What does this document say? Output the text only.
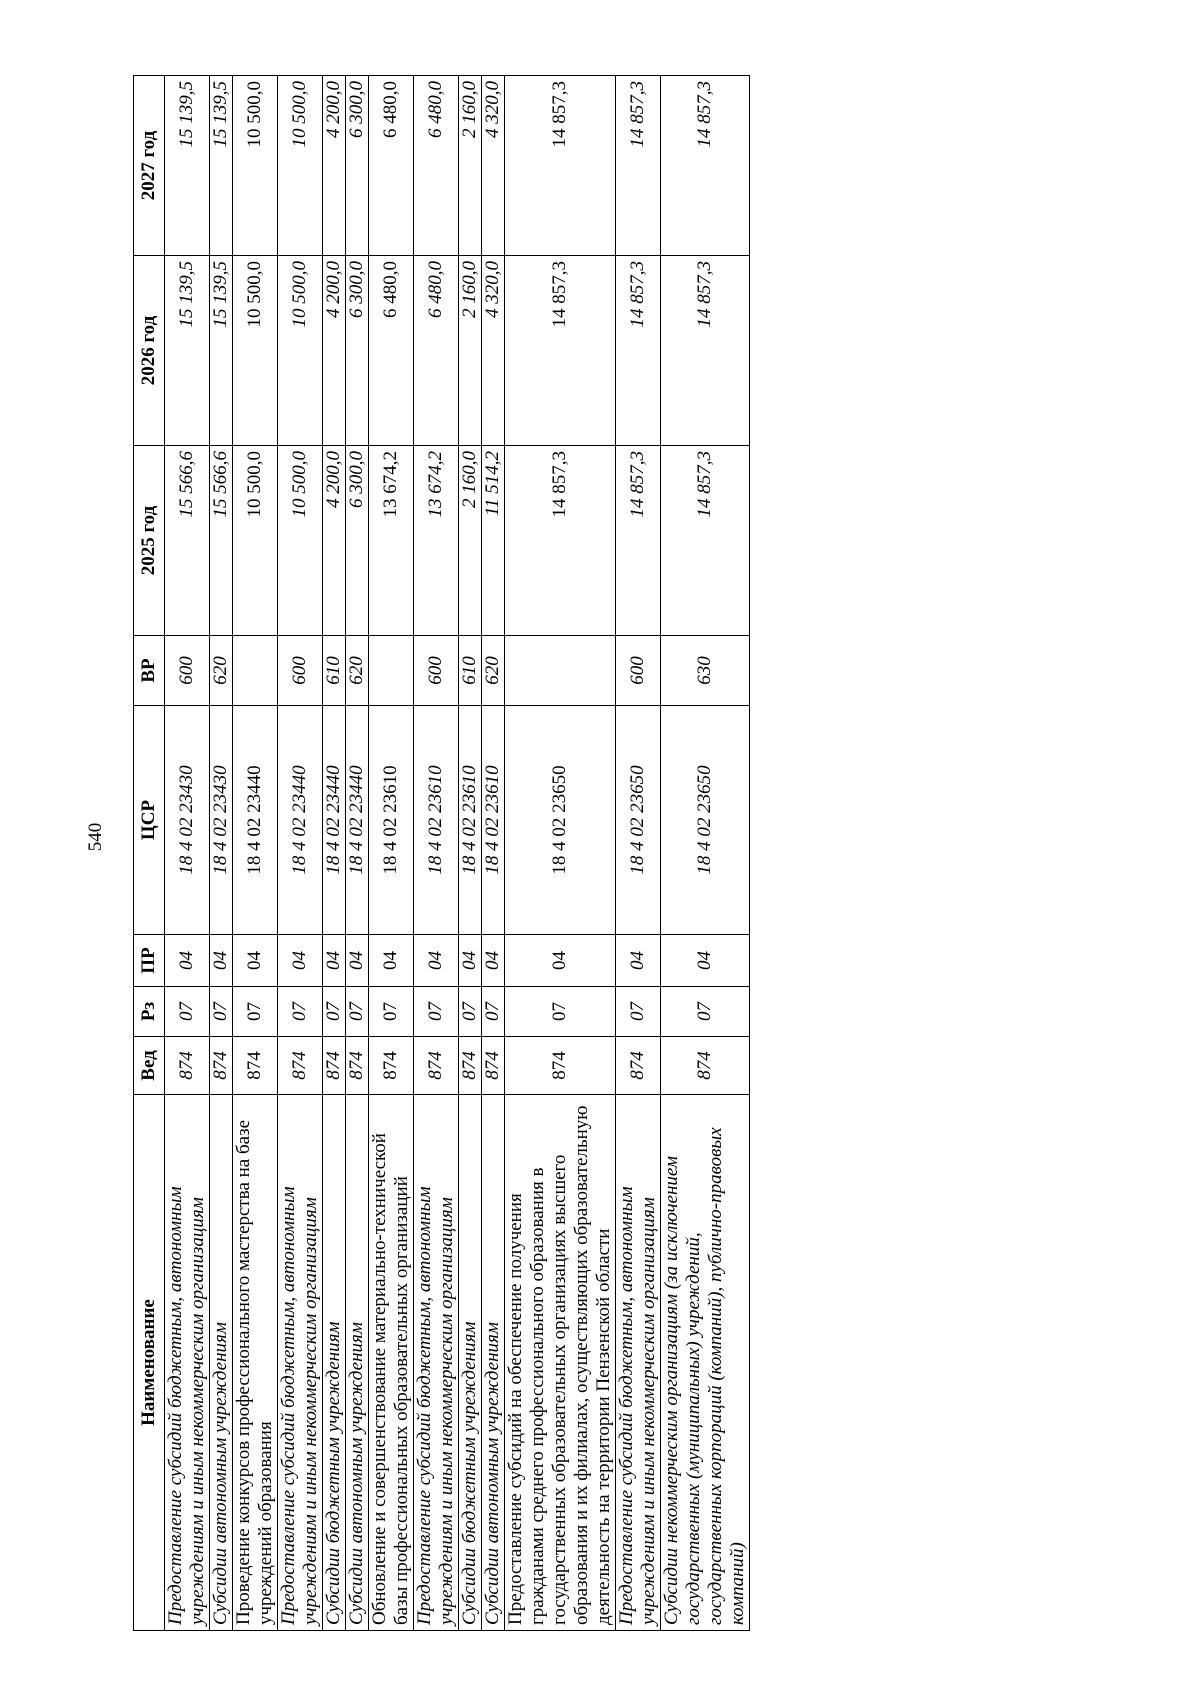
540
Наименование	Вед	Рз	ПР	ЦСР	ВР	2025 год	2026 год	2027 год
Предоставление субсидий бюджетным, автономным учреждениям и иным некоммерческим организациям	874	07	04	18 4 02 23430	600	15 566,6	15 139,5	15 139,5
Субсидии автономным учреждениям	874	07	04	18 4 02 23430	620	15 566,6	15 139,5	15 139,5
Проведение конкурсов профессионального мастерства на базе учреждений образования	874	07	04	18 4 02 23440		10 500,0	10 500,0	10 500,0
Предоставление субсидий бюджетным, автономным учреждениям и иным некоммерческим организациям	874	07	04	18 4 02 23440	600	10 500,0	10 500,0	10 500,0
Субсидии бюджетным учреждениям	874	07	04	18 4 02 23440	610	4 200,0	4 200,0	4 200,0
Субсидии автономным учреждениям	874	07	04	18 4 02 23440	620	6 300,0	6 300,0	6 300,0
Обновление и совершенствование материально-технической базы профессиональных образовательных организаций	874	07	04	18 4 02 23610		13 674,2	6 480,0	6 480,0
Предоставление субсидий бюджетным, автономным учреждениям и иным некоммерческим организациям	874	07	04	18 4 02 23610	600	13 674,2	6 480,0	6 480,0
Субсидии бюджетным учреждениям	874	07	04	18 4 02 23610	610	2 160,0	2 160,0	2 160,0
Субсидии автономным учреждениям	874	07	04	18 4 02 23610	620	11 514,2	4 320,0	4 320,0
Предоставление субсидий на обеспечение получения гражданами среднего профессионального образования в государственных образовательных организациях высшего образования и их филиалах, осуществляющих образовательную деятельность на территории Пензенской области	874	07	04	18 4 02 23650		14 857,3	14 857,3	14 857,3
Предоставление субсидий бюджетным, автономным учреждениям и иным некоммерческим организациям	874	07	04	18 4 02 23650	600	14 857,3	14 857,3	14 857,3
Субсидии некоммерческим организациям (за исключением государственных (муниципальных) учреждений, государственных корпораций (компаний), публично-правовых компаний)	874	07	04	18 4 02 23650	630	14 857,3	14 857,3	14 857,3
